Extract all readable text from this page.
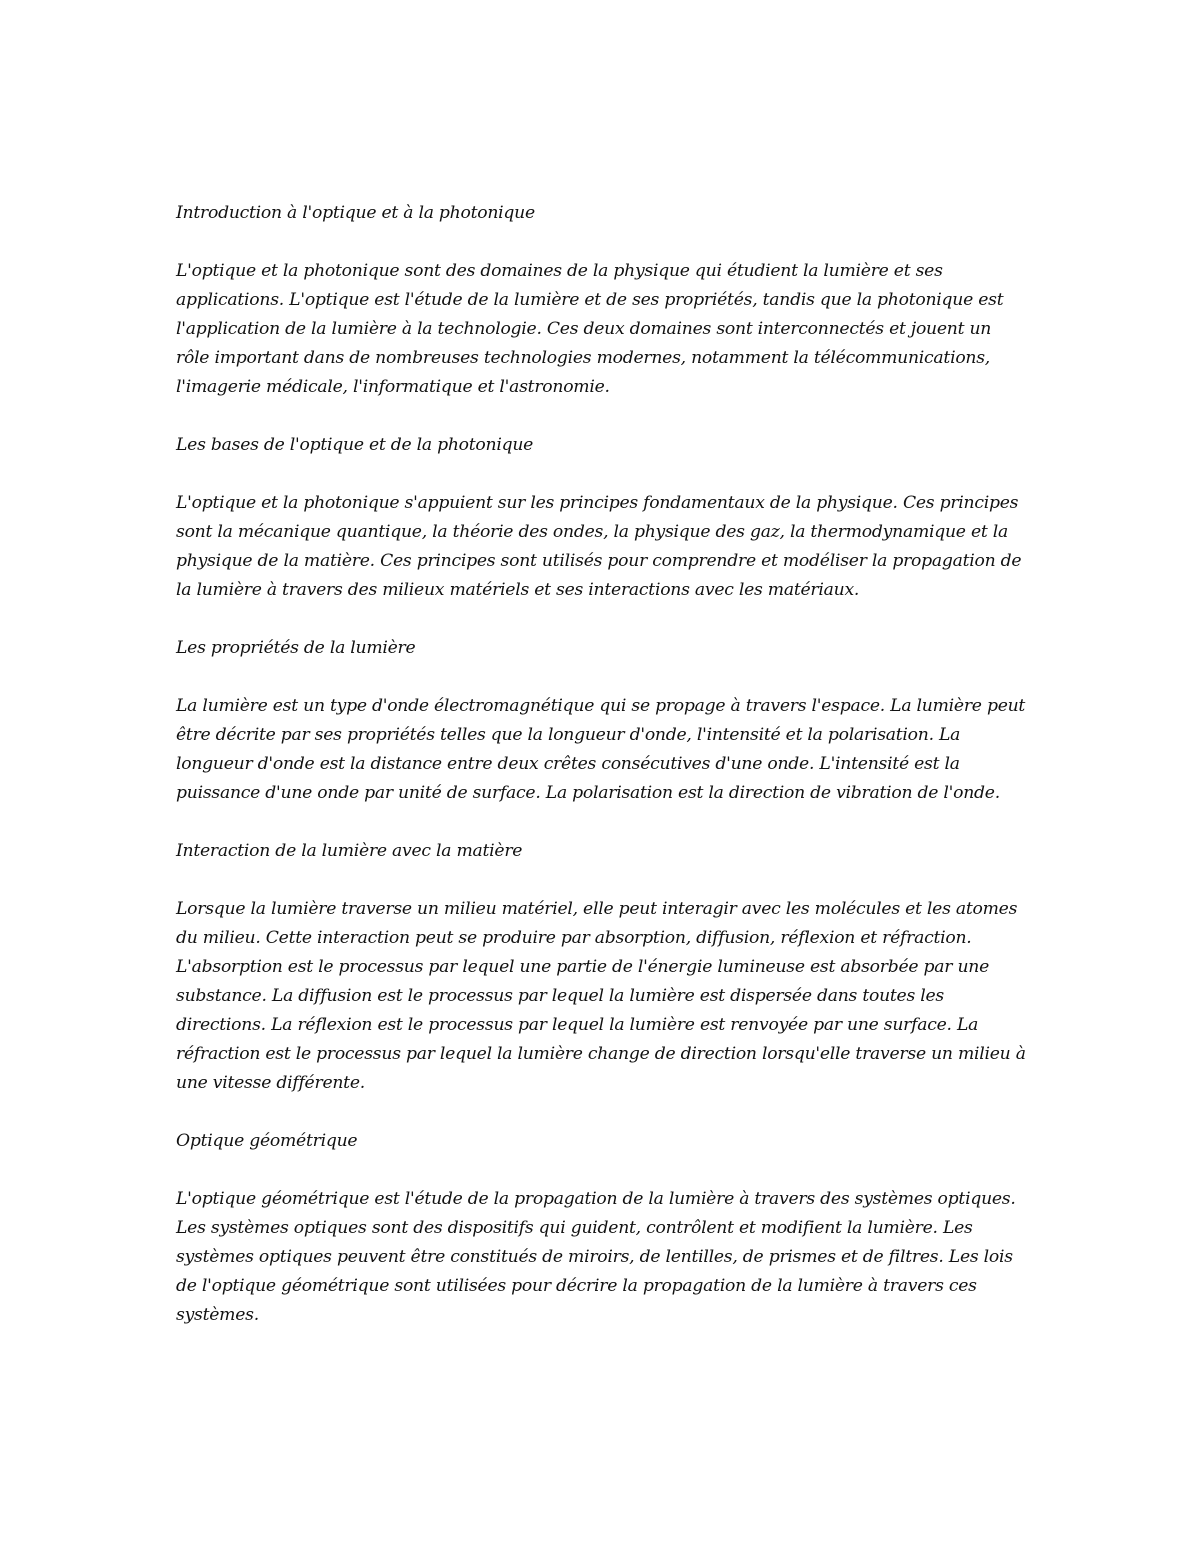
Introduction à l'optique et à la photonique

L'optique et la photonique sont des domaines de la physique qui étudient la lumière et ses applications. L'optique est l'étude de la lumière et de ses propriétés, tandis que la photonique est l'application de la lumière à la technologie. Ces deux domaines sont interconnectés et jouent un rôle important dans de nombreuses technologies modernes, notamment la télécommunications, l'imagerie médicale, l'informatique et l'astronomie.

Les bases de l'optique et de la photonique

L'optique et la photonique s'appuient sur les principes fondamentaux de la physique. Ces principes sont la mécanique quantique, la théorie des ondes, la physique des gaz, la thermodynamique et la physique de la matière. Ces principes sont utilisés pour comprendre et modéliser la propagation de la lumière à travers des milieux matériels et ses interactions avec les matériaux.

Les propriétés de la lumière

La lumière est un type d'onde électromagnétique qui se propage à travers l'espace. La lumière peut être décrite par ses propriétés telles que la longueur d'onde, l'intensité et la polarisation. La longueur d'onde est la distance entre deux crêtes consécutives d'une onde. L'intensité est la puissance d'une onde par unité de surface. La polarisation est la direction de vibration de l'onde.

Interaction de la lumière avec la matière

Lorsque la lumière traverse un milieu matériel, elle peut interagir avec les molécules et les atomes du milieu. Cette interaction peut se produire par absorption, diffusion, réflexion et réfraction. L'absorption est le processus par lequel une partie de l'énergie lumineuse est absorbée par une substance. La diffusion est le processus par lequel la lumière est dispersée dans toutes les directions. La réflexion est le processus par lequel la lumière est renvoyée par une surface. La réfraction est le processus par lequel la lumière change de direction lorsqu'elle traverse un milieu à une vitesse différente.

Optique géométrique

L'optique géométrique est l'étude de la propagation de la lumière à travers des systèmes optiques. Les systèmes optiques sont des dispositifs qui guident, contrôlent et modifient la lumière. Les systèmes optiques peuvent être constitués de miroirs, de lentilles, de prismes et de filtres. Les lois de l'optique géométrique sont utilisées pour décrire la propagation de la lumière à travers ces systèmes.
